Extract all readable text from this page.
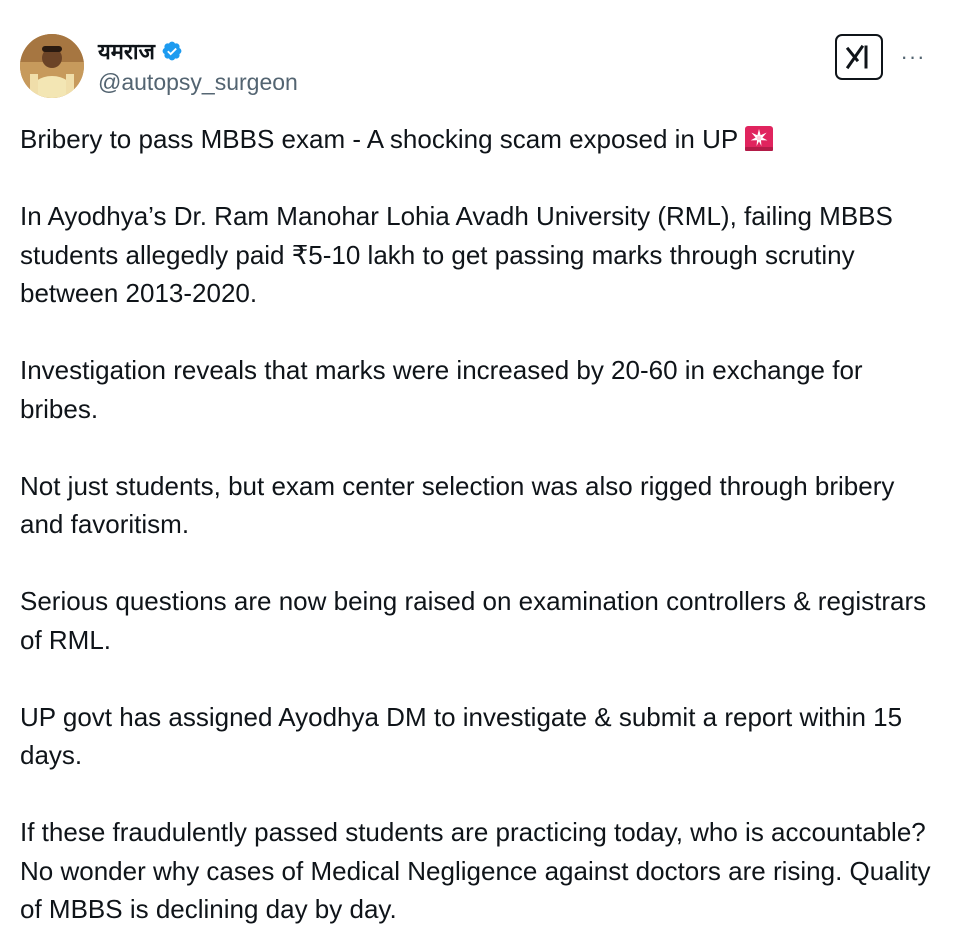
यमराज
@autopsy_surgeon
···

Bribery to pass MBBS exam - A shocking scam exposed in UP

In Ayodhya’s Dr. Ram Manohar Lohia Avadh University (RML), failing MBBS students allegedly paid ₹5-10 lakh to get passing marks through scrutiny between 2013-2020.

Investigation reveals that marks were increased by 20-60 in exchange for bribes.

Not just students, but exam center selection was also rigged through bribery and favoritism.

Serious questions are now being raised on examination controllers & registrars of RML.

UP govt has assigned Ayodhya DM to investigate & submit a report within 15 days.

If these fraudulently passed students are practicing today, who is accountable? No wonder why cases of Medical Negligence against doctors are rising. Quality of MBBS is declining day by day.
